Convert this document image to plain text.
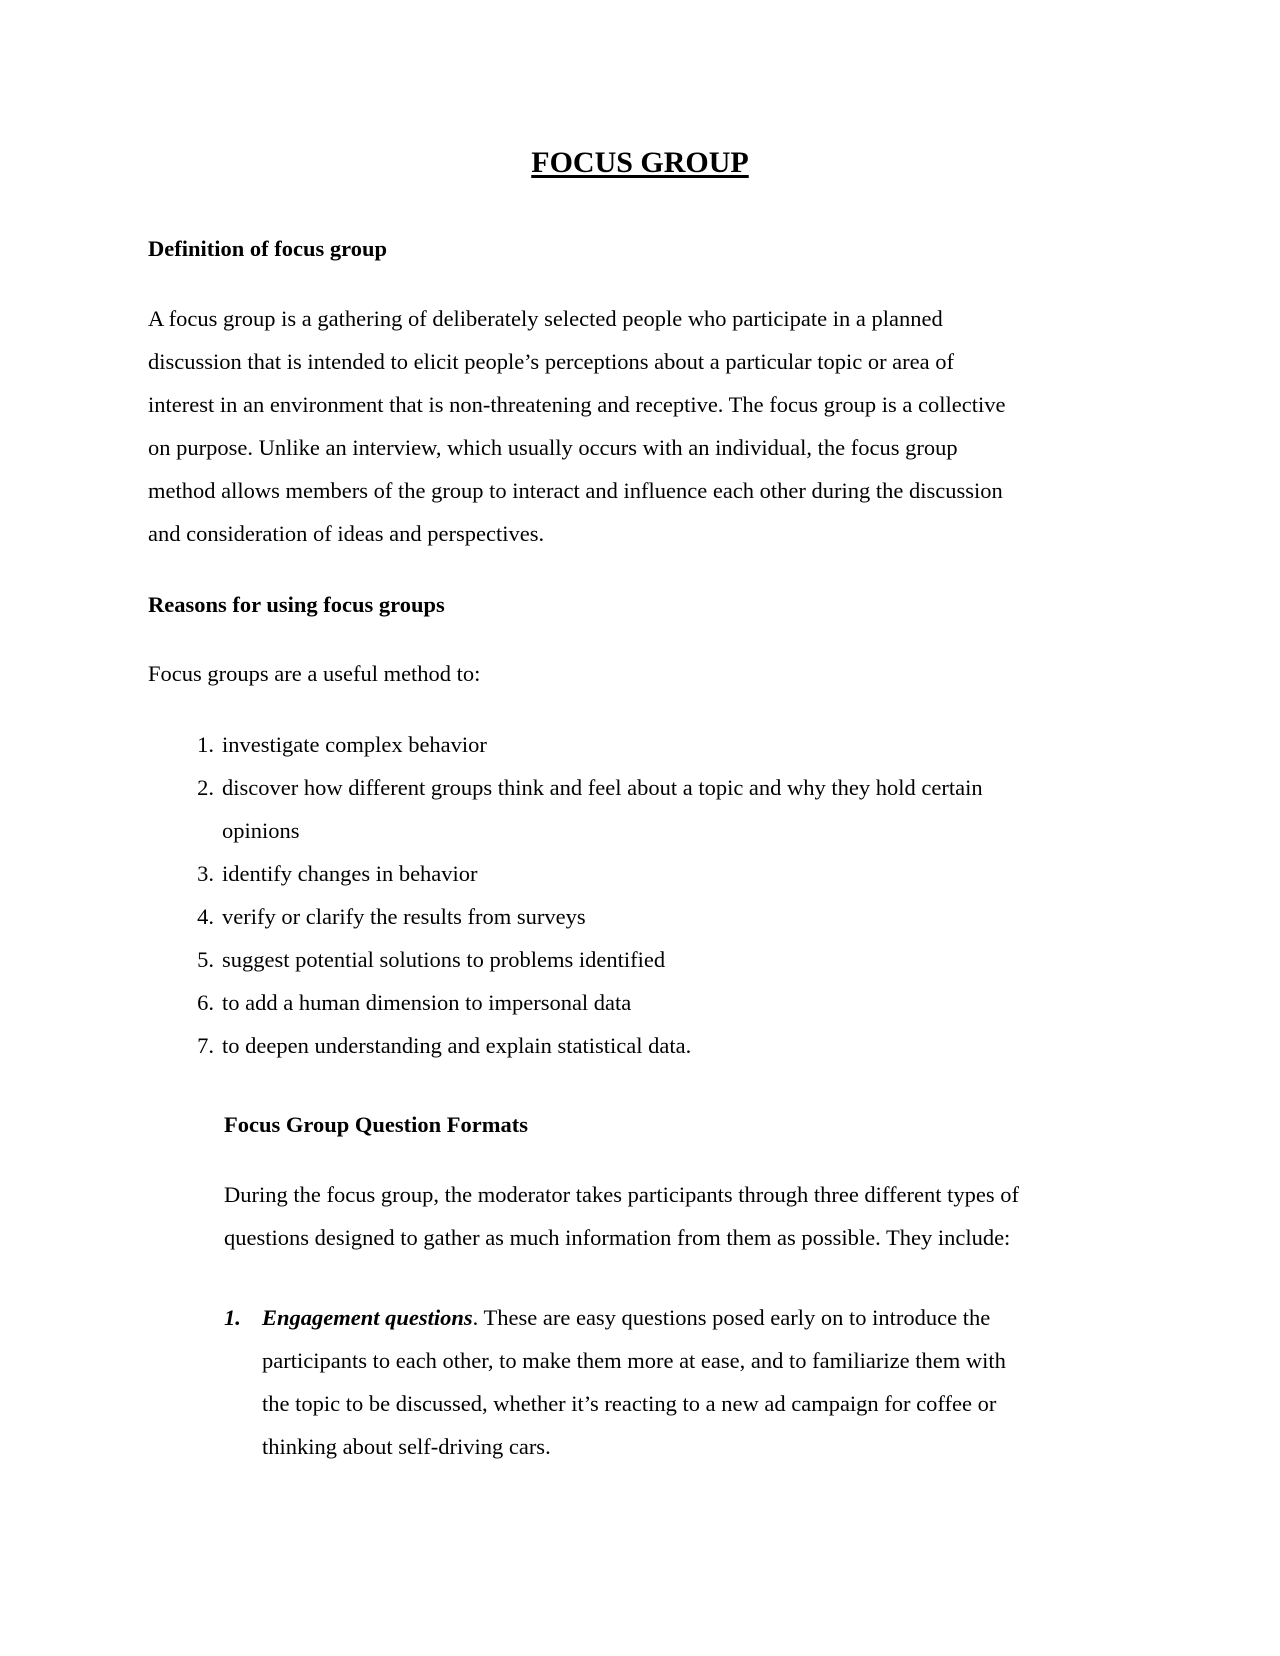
FOCUS GROUP
Definition of focus group

A focus group is a gathering of deliberately selected people who participate in a planned
discussion that is intended to elicit people’s perceptions about a particular topic or area of
interest in an environment that is non-threatening and receptive. The focus group is a collective
on purpose. Unlike an interview, which usually occurs with an individual, the focus group
method allows members of the group to interact and influence each other during the discussion
and consideration of ideas and perspectives.

Reasons for using focus groups

Focus groups are a useful method to:

1. investigate complex behavior
2. discover how different groups think and feel about a topic and why they hold certain
opinions
3. identify changes in behavior
4. verify or clarify the results from surveys
5. suggest potential solutions to problems identified
6. to add a human dimension to impersonal data
7. to deepen understanding and explain statistical data.
Focus Group Question Formats

During the focus group, the moderator takes participants through three different types of
questions designed to gather as much information from them as possible. They include:

1. Engagement questions. These are easy questions posed early on to introduce the
participants to each other, to make them more at ease, and to familiarize them with
the topic to be discussed, whether it’s reacting to a new ad campaign for coffee or
thinking about self-driving cars.
